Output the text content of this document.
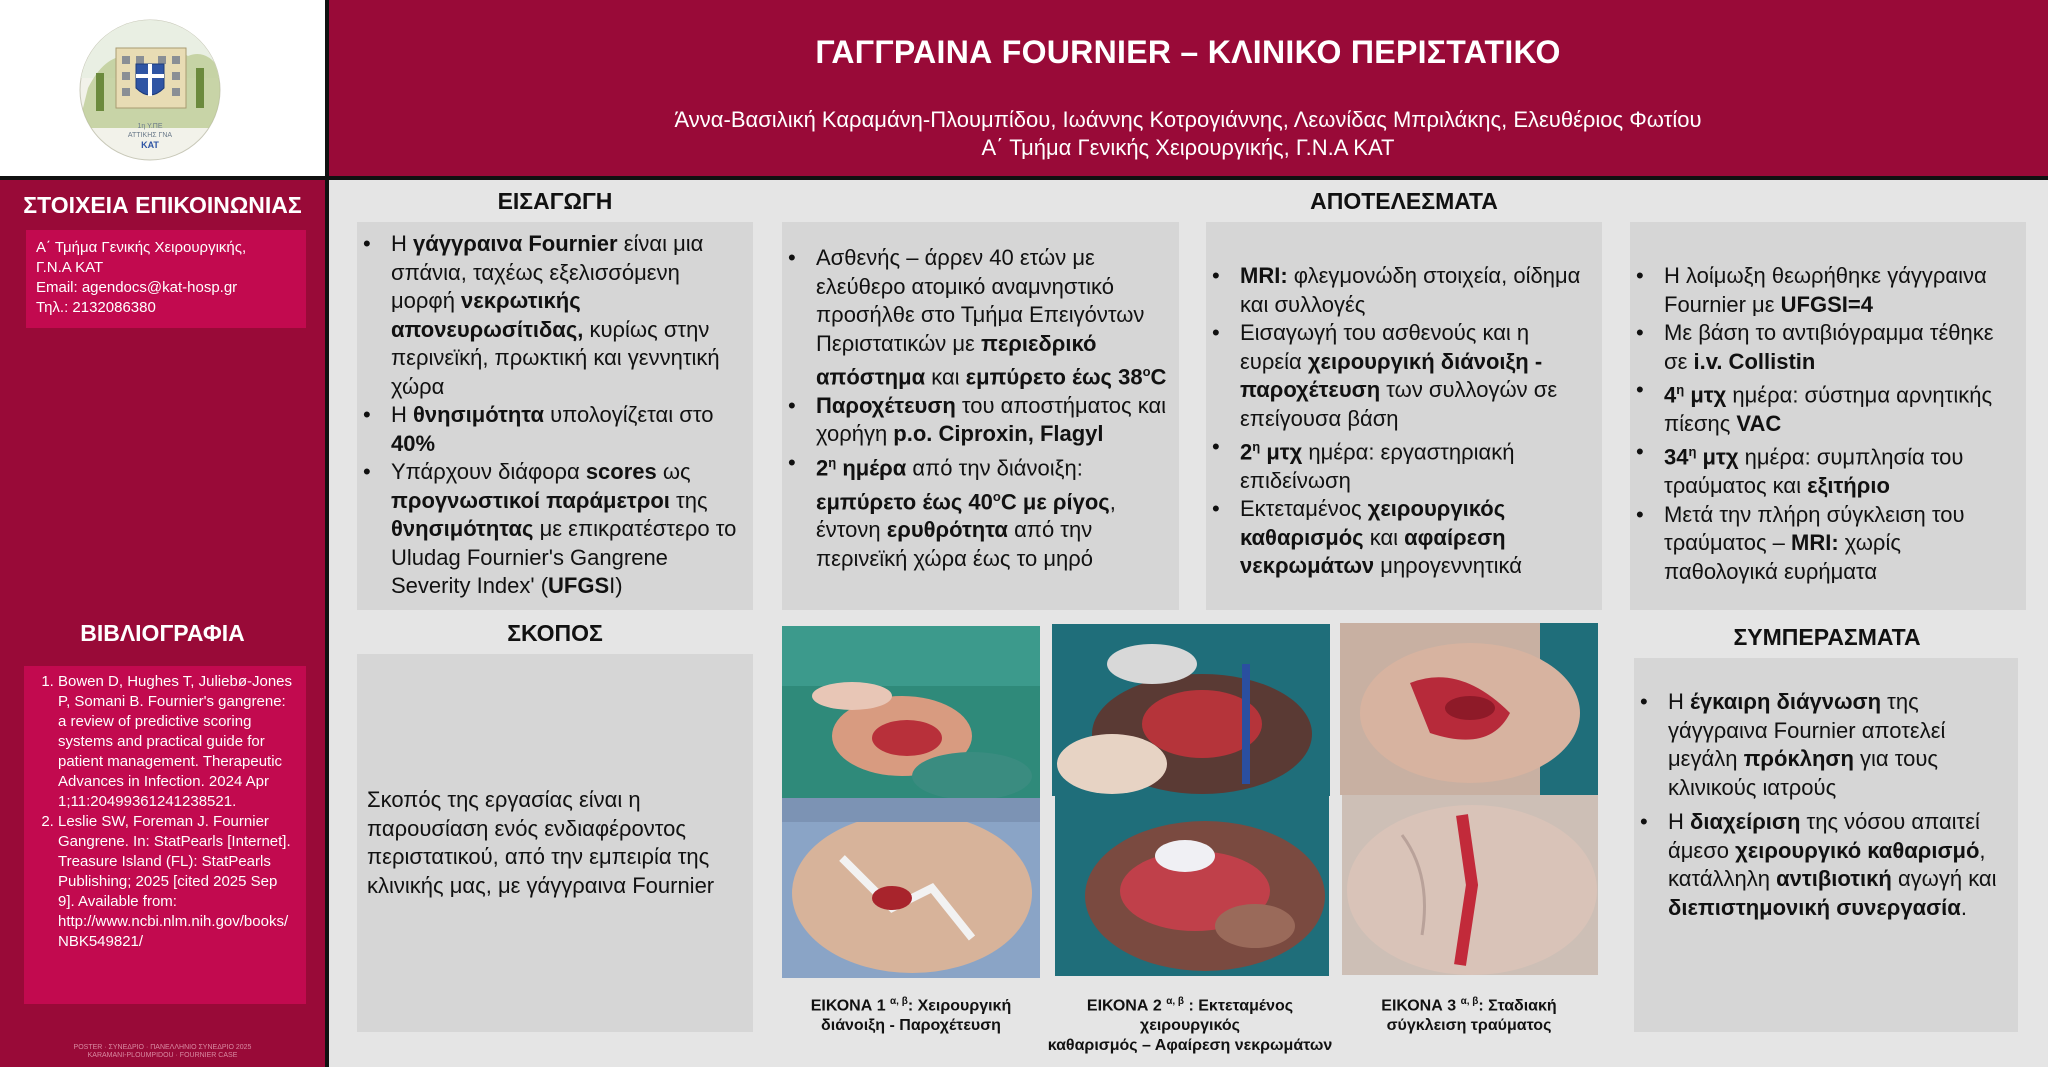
1η Υ.ΠΕ
ΑΤΤΙΚΗΣ ΓΝΑ
ΚΑΤ
ΓΑΓΓΡΑΙΝΑ FOURNIER – ΚΛΙΝΙΚΟ ΠΕΡΙΣΤΑΤΙΚΟ
Άννα-Βασιλική Καραμάνη-Πλουμπίδου, Ιωάννης Κοτρογιάννης, Λεωνίδας Μπριλάκης, Ελευθέριος Φωτίου
Α΄ Τμήμα Γενικής Χειρουργικής, Γ.Ν.Α ΚΑΤ
ΣΤΟΙΧΕΙΑ ΕΠΙΚΟΙΝΩΝΙΑΣ
Α΄ Τμήμα Γενικής Χειρουργικής,
Γ.Ν.Α ΚΑΤ
Email: agendocs@kat-hosp.gr
Τηλ.: 2132086380
ΒΙΒΛΙΟΓΡΑΦΙΑ
1. Bowen D, Hughes T, Juliebø-Jones P, Somani B. Fournier's gangrene: a review of predictive scoring systems and practical guide for patient management. Therapeutic Advances in Infection. 2024 Apr 1;11:20499361241238521.
2. Leslie SW, Foreman J. Fournier Gangrene. In: StatPearls [Internet]. Treasure Island (FL): StatPearls Publishing; 2025 [cited 2025 Sep 9]. Available from: http://www.ncbi.nlm.nih.gov/books/NBK549821/
POSTER · ΣΥΝΕΔΡΙΟ · ΠΑΝΕΛΛΗΝΙΟ ΣΥΝΕΔΡΙΟ 2025
KARAMANI-PLOUMPIDOU · FOURNIER CASE
ΕΙΣΑΓΩΓΗ	ΑΠΟΤΕΛΕΣΜΑΤΑ
• Η γάγγραινα Fournier είναι μια σπάνια, ταχέως εξελισσόμενη μορφή νεκρωτικής απονευρωσίτιδας, κυρίως στην περινεϊκή, πρωκτική και γεννητική χώρα
• Η θνησιμότητα υπολογίζεται στο 40%
• Υπάρχουν διάφορα scores ως προγνωστικοί παράμετροι της θνησιμότητας με επικρατέστερο το Uludag Fournier's Gangrene Severity Index' (UFGSI)
• Ασθενής – άρρεν 40 ετών με ελεύθερο ατομικό αναμνηστικό προσήλθε στο Τμήμα Επειγόντων Περιστατικών με περιεδρικό απόστημα και εμπύρετο έως $38^oC$
• Παροχέτευση του αποστήματος και χορήγη p.o. Ciproxin, Flagyl
• $2^\eta$ ημέρα από την διάνοιξη: εμπύρετο έως $40^oC$ με ρίγος, έντονη ερυθρότητα από την περινεϊκή χώρα έως το μηρό
• MRI: φλεγμονώδη στοιχεία, οίδημα και συλλογές
• Εισαγωγή του ασθενούς και η ευρεία χειρουργική διάνοιξη - παροχέτευση των συλλογών σε επείγουσα βάση
• $2^\eta$ μτχ ημέρα: εργαστηριακή επιδείνωση
• Εκτεταμένος χειρουργικός καθαρισμός και αφαίρεση νεκρωμάτων μηρογεννητικά
• Η λοίμωξη θεωρήθηκε γάγγραινα Fournier με UFGSI=4
• Με βάση το αντιβιόγραμμα τέθηκε σε i.v. Collistin
• $4^\eta$ μτχ ημέρα: σύστημα αρνητικής πίεσης VAC
• $34^\eta$ μτχ ημέρα: συμπλησία του τραύματος και εξιτήριο
• Μετά την πλήρη σύγκλειση του τραύματος – MRI: χωρίς παθολογικά ευρήματα
ΣΚΟΠΟΣ
Σκοπός της εργασίας είναι η παρουσίαση ενός ενδιαφέροντος περιστατικού, από την εμπειρία της κλινικής μας, με γάγγραινα Fournier
ΣΥΜΠΕΡΑΣΜΑΤΑ
• Η έγκαιρη διάγνωση της γάγγραινα Fournier αποτελεί μεγάλη πρόκληση για τους κλινικούς ιατρούς
• Η διαχείριση της νόσου απαιτεί άμεσο χειρουργικό καθαρισμό, κατάλληλη αντιβιοτική αγωγή και διεπιστημονική συνεργασία.
ΕΙΚΟΝΑ 1 $^{\alpha, \beta}$: Χειρουργική
διάνοιξη - Παροχέτευση
ΕΙΚΟΝΑ 2 $^{\alpha, \beta}$ : Εκτεταμένος χειρουργικός
καθαρισμός – Αφαίρεση νεκρωμάτων
ΕΙΚΟΝΑ 3 $^{\alpha, \beta}$: Σταδιακή
σύγκλειση τραύματος
